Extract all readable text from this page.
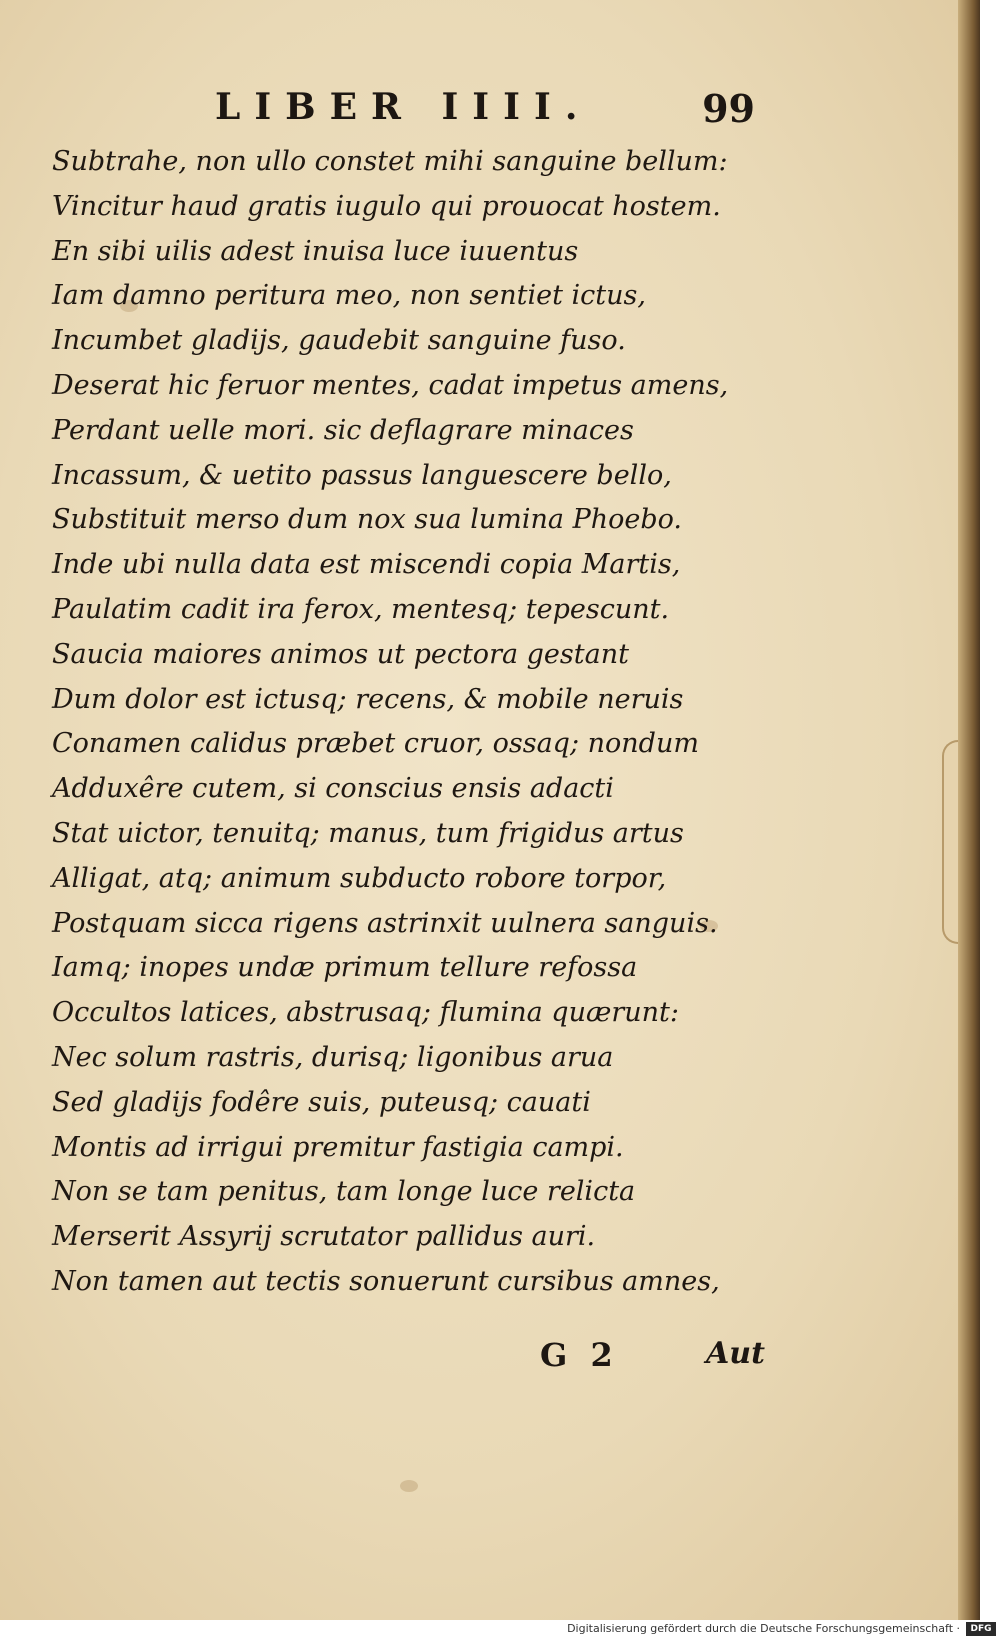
LIBER IIII.	99
Subtrahe, non ullo constet mihi sanguine bellum:
Vincitur haud gratis iugulo qui prouocat hostem.
En sibi uilis adest inuisa luce iuuentus
Iam damno peritura meo, non sentiet ictus,
Incumbet gladijs, gaudebit sanguine fuso.
Deserat hic feruor mentes, cadat impetus amens,
Perdant uelle mori. sic deflagrare minaces
Incassum, & uetito passus languescere bello,
Substituit merso dum nox sua lumina Phoebo.
Inde ubi nulla data est miscendi copia Martis,
Paulatim cadit ira ferox, mentesq; tepescunt.
Saucia maiores animos ut pectora gestant
Dum dolor est ictusq; recens, & mobile neruis
Conamen calidus præbet cruor, ossaq; nondum
Adduxêre cutem, si conscius ensis adacti
Stat uictor, tenuitq; manus, tum frigidus artus
Alligat, atq; animum subducto robore torpor,
Postquam sicca rigens astrinxit uulnera sanguis.
Iamq; inopes undæ primum tellure refossa
Occultos latices, abstrusaq; flumina quærunt:
Nec solum rastris, durisq; ligonibus arua
Sed gladijs fodêre suis, puteusq; cauati
Montis ad irrigui premitur fastigia campi.
Non se tam penitus, tam longe luce relicta
Merserit Assyrij scrutator pallidus auri.
Non tamen aut tectis sonuerunt cursibus amnes,
G 2	Aut
Digitalisierung gefördert durch die Deutsche Forschungsgemeinschaft ·	DFG
